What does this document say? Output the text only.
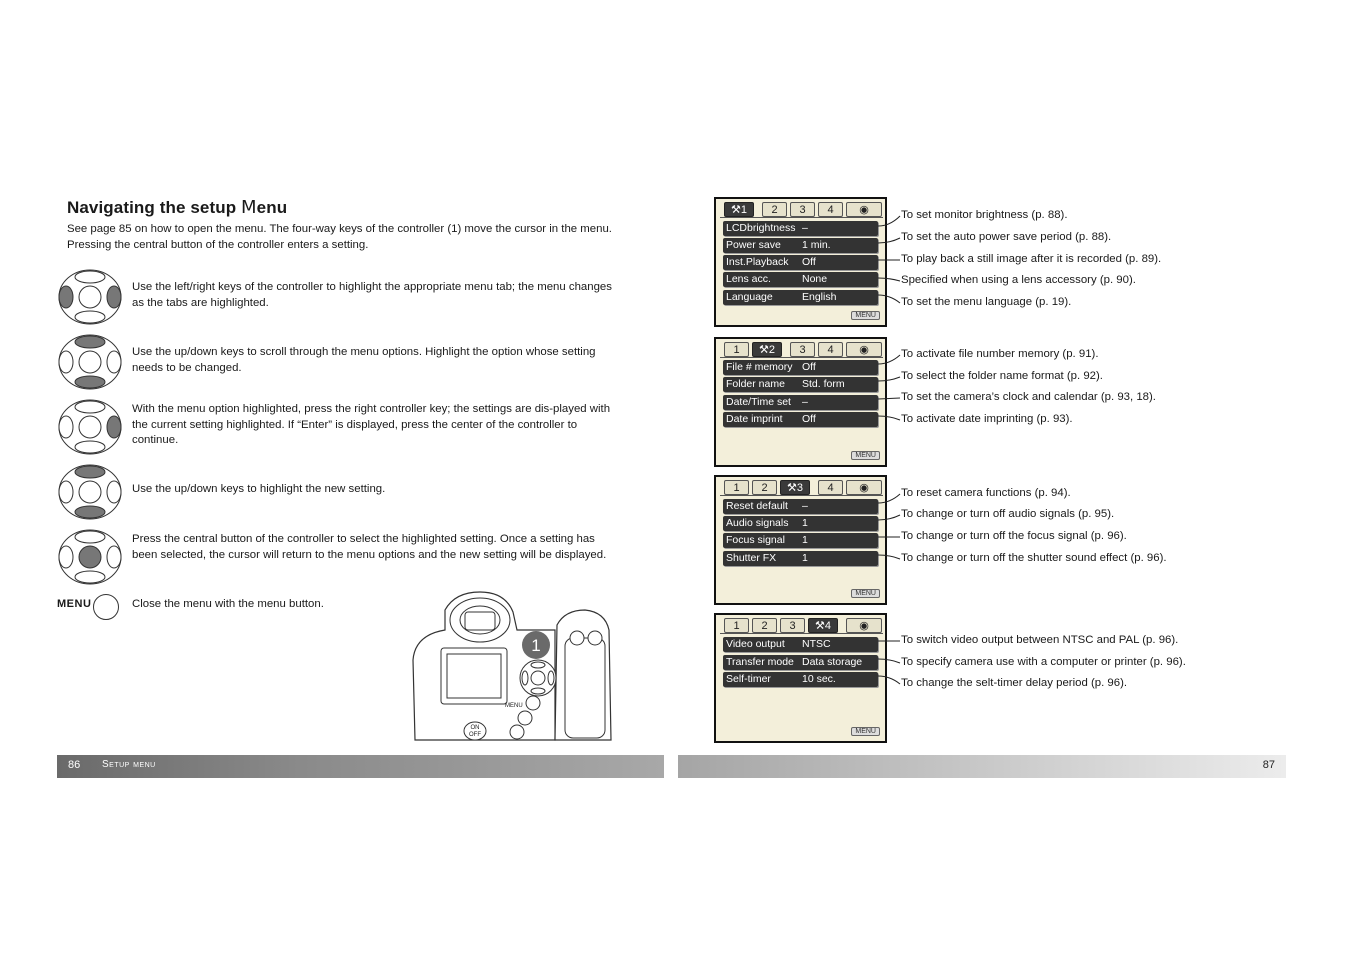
Navigating the setup Menu
See page 85 on how to open the menu. The four-way keys of the controller (1) move the cursor in the menu. Pressing the central button of the controller enters a setting.
Use the left/right keys of the controller to highlight the appropriate menu tab; the menu changes as the tabs are highlighted.
Use the up/down keys to scroll through the menu options. Highlight the option whose setting needs to be changed.
With the menu option highlighted, press the right controller key; the settings are dis-played with the current setting highlighted. If “Enter” is displayed, press the center of the controller to continue.
Use the up/down keys to highlight the new setting.
Press the central button of the controller to select the highlighted setting. Once a setting has been selected, the cursor will return to the menu options and the new setting will be displayed.
MENU	Close the menu with the menu button.
1
MENU
ON
OFF
86 Setup menu
⚒1	2	3	4	◉
LCDbrightness –
Power save	1 min.
Inst.Playback	Off
Lens acc.	None
Language	English
MENU
1	⚒2	3	4	◉
File # memory Off
Folder name	Std. form
Date/Time set	–
Date imprint	Off
MENU
1	2	⚒3	4	◉
Reset default	–
Audio signals	1
Focus signal	1
Shutter FX	1
MENU
1	2	3	⚒4	◉
Video output	NTSC
Transfer mode Data storage
Self-timer	10 sec.
MENU
To set monitor brightness (p. 88).
To set the auto power save period (p. 88).
To play back a still image after it is recorded (p. 89).
Specified when using a lens accessory (p. 90).
To set the menu language (p. 19).
To activate file number memory (p. 91).
To select the folder name format (p. 92).
To set the camera’s clock and calendar (p. 93, 18).
To activate date imprinting (p. 93).
To reset camera functions (p. 94).
To change or turn off audio signals (p. 95).
To change or turn off the focus signal (p. 96).
To change or turn off the shutter sound effect (p. 96).
To switch video output between NTSC and PAL (p. 96).
To specify camera use with a computer or printer (p. 96).
To change the selt-timer delay period (p. 96).
87
